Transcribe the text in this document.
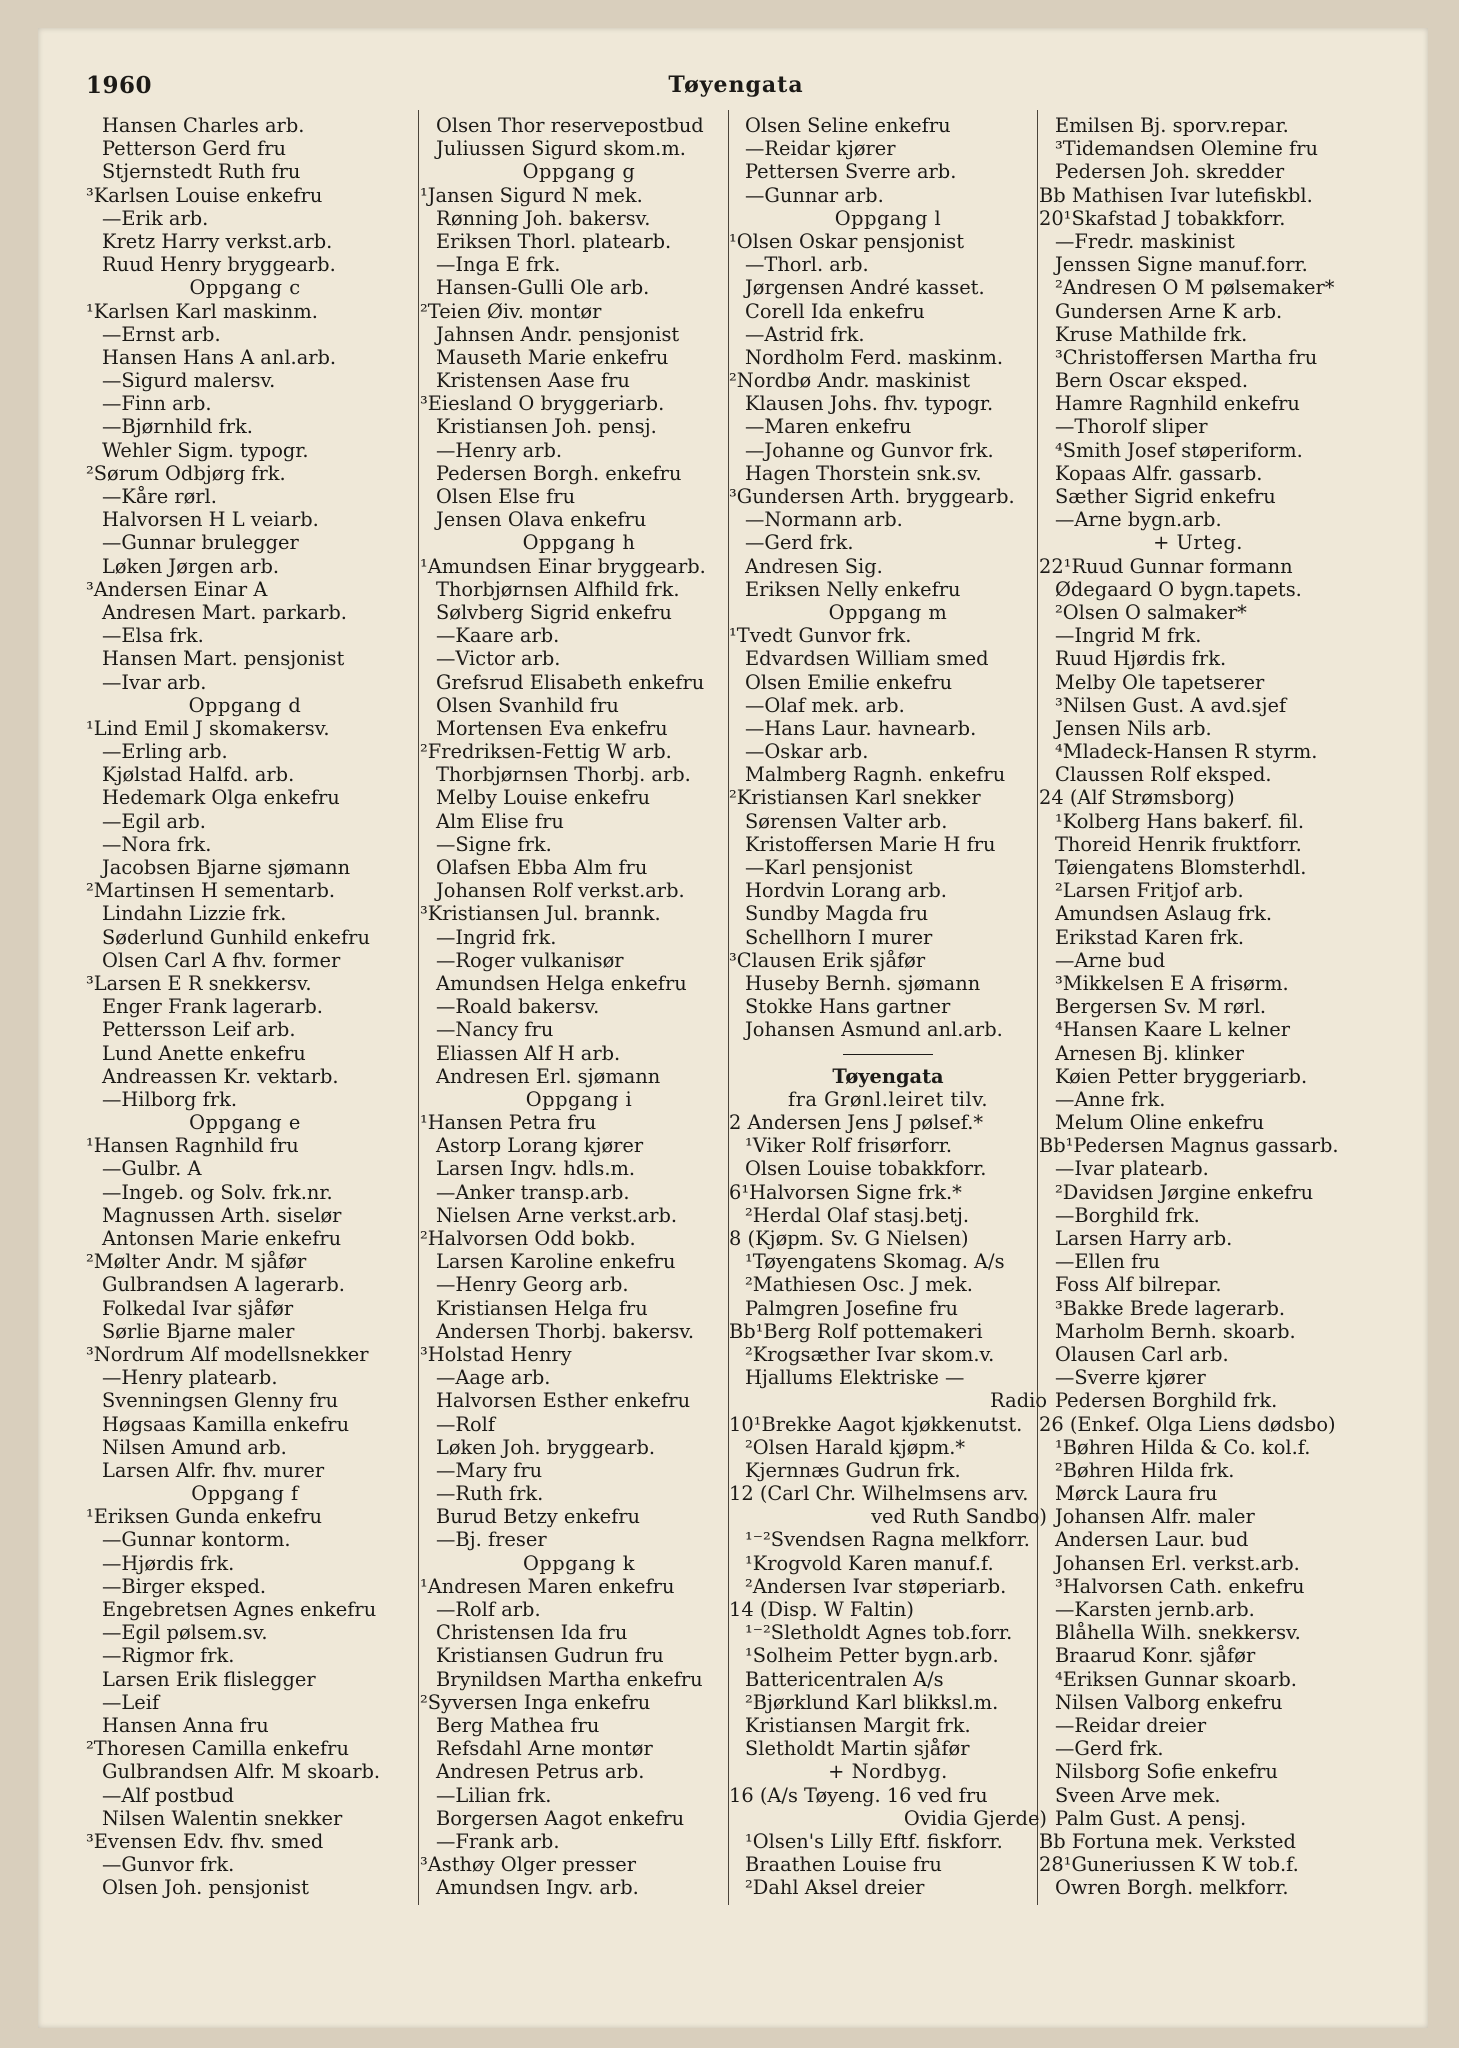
1960	Tøyengata
Hansen Charles arb.
Petterson Gerd fru
Stjernstedt Ruth fru
³Karlsen Louise enkefru
—Erik arb.
Kretz Harry verkst.arb.
Ruud Henry bryggearb.
Oppgang c
¹Karlsen Karl maskinm.
—Ernst arb.
Hansen Hans A anl.arb.
—Sigurd malersv.
—Finn arb.
—Bjørnhild frk.
Wehler Sigm. typogr.
²Sørum Odbjørg frk.
—Kåre rørl.
Halvorsen H L veiarb.
—Gunnar brulegger
Løken Jørgen arb.
³Andersen Einar A
Andresen Mart. parkarb.
—Elsa frk.
Hansen Mart. pensjonist
—Ivar arb.
Oppgang d
¹Lind Emil J skomakersv.
—Erling arb.
Kjølstad Halfd. arb.
Hedemark Olga enkefru
—Egil arb.
—Nora frk.
Jacobsen Bjarne sjømann
²Martinsen H sementarb.
Lindahn Lizzie frk.
Søderlund Gunhild enkefru
Olsen Carl A fhv. former
³Larsen E R snekkersv.
Enger Frank lagerarb.
Pettersson Leif arb.
Lund Anette enkefru
Andreassen Kr. vektarb.
—Hilborg frk.
Oppgang e
¹Hansen Ragnhild fru
—Gulbr. A
—Ingeb. og Solv. frk.nr.
Magnussen Arth. siselør
Antonsen Marie enkefru
²Mølter Andr. M sjåfør
Gulbrandsen A lagerarb.
Folkedal Ivar sjåfør
Sørlie Bjarne maler
³Nordrum Alf modellsnekker
—Henry platearb.
Svenningsen Glenny fru
Høgsaas Kamilla enkefru
Nilsen Amund arb.
Larsen Alfr. fhv. murer
Oppgang f
¹Eriksen Gunda enkefru
—Gunnar kontorm.
—Hjørdis frk.
—Birger eksped.
Engebretsen Agnes enkefru
—Egil pølsem.sv.
—Rigmor frk.
Larsen Erik flislegger
—Leif
Hansen Anna fru
²Thoresen Camilla enkefru
Gulbrandsen Alfr. M skoarb.
—Alf postbud
Nilsen Walentin snekker
³Evensen Edv. fhv. smed
—Gunvor frk.
Olsen Joh. pensjonist
Olsen Thor reservepostbud
Juliussen Sigurd skom.m.
Oppgang g
¹Jansen Sigurd N mek.
Rønning Joh. bakersv.
Eriksen Thorl. platearb.
—Inga E frk.
Hansen-Gulli Ole arb.
²Teien Øiv. montør
Jahnsen Andr. pensjonist
Mauseth Marie enkefru
Kristensen Aase fru
³Eiesland O bryggeriarb.
Kristiansen Joh. pensj.
—Henry arb.
Pedersen Borgh. enkefru
Olsen Else fru
Jensen Olava enkefru
Oppgang h
¹Amundsen Einar bryggearb.
Thorbjørnsen Alfhild frk.
Sølvberg Sigrid enkefru
—Kaare arb.
—Victor arb.
Grefsrud Elisabeth enkefru
Olsen Svanhild fru
Mortensen Eva enkefru
²Fredriksen-Fettig W arb.
Thorbjørnsen Thorbj. arb.
Melby Louise enkefru
Alm Elise fru
—Signe frk.
Olafsen Ebba Alm fru
Johansen Rolf verkst.arb.
³Kristiansen Jul. brannk.
—Ingrid frk.
—Roger vulkanisør
Amundsen Helga enkefru
—Roald bakersv.
—Nancy fru
Eliassen Alf H arb.
Andresen Erl. sjømann
Oppgang i
¹Hansen Petra fru
Astorp Lorang kjører
Larsen Ingv. hdls.m.
—Anker transp.arb.
Nielsen Arne verkst.arb.
²Halvorsen Odd bokb.
Larsen Karoline enkefru
—Henry Georg arb.
Kristiansen Helga fru
Andersen Thorbj. bakersv.
³Holstad Henry
—Aage arb.
Halvorsen Esther enkefru
—Rolf
Løken Joh. bryggearb.
—Mary fru
—Ruth frk.
Burud Betzy enkefru
—Bj. freser
Oppgang k
¹Andresen Maren enkefru
—Rolf arb.
Christensen Ida fru
Kristiansen Gudrun fru
Brynildsen Martha enkefru
²Syversen Inga enkefru
Berg Mathea fru
Refsdahl Arne montør
Andresen Petrus arb.
—Lilian frk.
Borgersen Aagot enkefru
—Frank arb.
³Asthøy Olger presser
Amundsen Ingv. arb.
Olsen Seline enkefru
—Reidar kjører
Pettersen Sverre arb.
—Gunnar arb.
Oppgang l
¹Olsen Oskar pensjonist
—Thorl. arb.
Jørgensen André kasset.
Corell Ida enkefru
—Astrid frk.
Nordholm Ferd. maskinm.
²Nordbø Andr. maskinist
Klausen Johs. fhv. typogr.
—Maren enkefru
—Johanne og Gunvor frk.
Hagen Thorstein snk.sv.
³Gundersen Arth. bryggearb.
—Normann arb.
—Gerd frk.
Andresen Sig.
Eriksen Nelly enkefru
Oppgang m
¹Tvedt Gunvor frk.
Edvardsen William smed
Olsen Emilie enkefru
—Olaf mek. arb.
—Hans Laur. havnearb.
—Oskar arb.
Malmberg Ragnh. enkefru
²Kristiansen Karl snekker
Sørensen Valter arb.
Kristoffersen Marie H fru
—Karl pensjonist
Hordvin Lorang arb.
Sundby Magda fru
Schellhorn I murer
³Clausen Erik sjåfør
Huseby Bernh. sjømann
Stokke Hans gartner
Johansen Asmund anl.arb.
Tøyengata
fra Grønl.leiret tilv.
2 Andersen Jens J pølsef.*
¹Viker Rolf frisørforr.
Olsen Louise tobakkforr.
6¹Halvorsen Signe frk.*
²Herdal Olaf stasj.betj.
8 (Kjøpm. Sv. G Nielsen)
¹Tøyengatens Skomag. A/s
²Mathiesen Osc. J mek.
Palmgren Josefine fru
Bb¹Berg Rolf pottemakeri
²Krogsæther Ivar skom.v.
Hjallums Elektriske —
Radio
10¹Brekke Aagot kjøkkenutst.
²Olsen Harald kjøpm.*
Kjernnæs Gudrun frk.
12 (Carl Chr. Wilhelmsens arv.
ved Ruth Sandbo)
¹⁻²Svendsen Ragna melkforr.
¹Krogvold Karen manuf.f.
²Andersen Ivar støperiarb.
14 (Disp. W Faltin)
¹⁻²Sletholdt Agnes tob.forr.
¹Solheim Petter bygn.arb.
Battericentralen A/s
²Bjørklund Karl blikksl.m.
Kristiansen Margit frk.
Sletholdt Martin sjåfør
+ Nordbyg.
16 (A/s Tøyeng. 16 ved fru
Ovidia Gjerde)
¹Olsen's Lilly Eftf. fiskforr.
Braathen Louise fru
²Dahl Aksel dreier
Emilsen Bj. sporv.repar.
³Tidemandsen Olemine fru
Pedersen Joh. skredder
Bb Mathisen Ivar lutefiskbl.
20¹Skafstad J tobakkforr.
—Fredr. maskinist
Jenssen Signe manuf.forr.
²Andresen O M pølsemaker*
Gundersen Arne K arb.
Kruse Mathilde frk.
³Christoffersen Martha fru
Bern Oscar eksped.
Hamre Ragnhild enkefru
—Thorolf sliper
⁴Smith Josef støperiform.
Kopaas Alfr. gassarb.
Sæther Sigrid enkefru
—Arne bygn.arb.
+ Urteg.
22¹Ruud Gunnar formann
Ødegaard O bygn.tapets.
²Olsen O salmaker*
—Ingrid M frk.
Ruud Hjørdis frk.
Melby Ole tapetserer
³Nilsen Gust. A avd.sjef
Jensen Nils arb.
⁴Mladeck-Hansen R styrm.
Claussen Rolf eksped.
24 (Alf Strømsborg)
¹Kolberg Hans bakerf. fil.
Thoreid Henrik fruktforr.
Tøiengatens Blomsterhdl.
²Larsen Fritjof arb.
Amundsen Aslaug frk.
Erikstad Karen frk.
—Arne bud
³Mikkelsen E A frisørm.
Bergersen Sv. M rørl.
⁴Hansen Kaare L kelner
Arnesen Bj. klinker
Køien Petter bryggeriarb.
—Anne frk.
Melum Oline enkefru
Bb¹Pedersen Magnus gassarb.
—Ivar platearb.
²Davidsen Jørgine enkefru
—Borghild frk.
Larsen Harry arb.
—Ellen fru
Foss Alf bilrepar.
³Bakke Brede lagerarb.
Marholm Bernh. skoarb.
Olausen Carl arb.
—Sverre kjører
Pedersen Borghild frk.
26 (Enkef. Olga Liens dødsbo)
¹Bøhren Hilda & Co. kol.f.
²Bøhren Hilda frk.
Mørck Laura fru
Johansen Alfr. maler
Andersen Laur. bud
Johansen Erl. verkst.arb.
³Halvorsen Cath. enkefru
—Karsten jernb.arb.
Blåhella Wilh. snekkersv.
Braarud Konr. sjåfør
⁴Eriksen Gunnar skoarb.
Nilsen Valborg enkefru
—Reidar dreier
—Gerd frk.
Nilsborg Sofie enkefru
Sveen Arve mek.
Palm Gust. A pensj.
Bb Fortuna mek. Verksted
28¹Guneriussen K W tob.f.
Owren Borgh. melkforr.
